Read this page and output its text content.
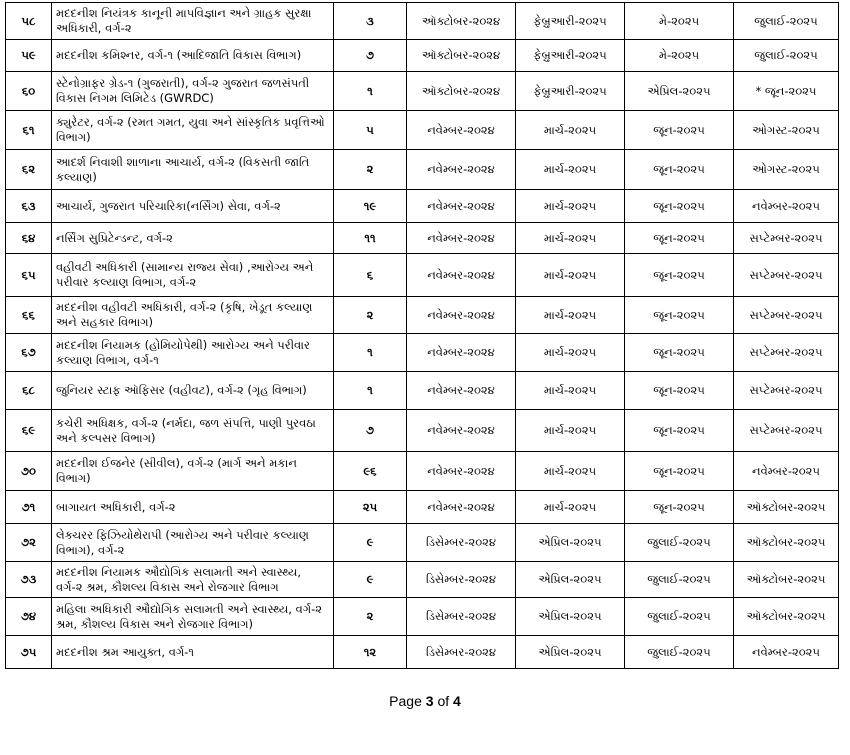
૫૮	મદદનીશ નિયંત્રક કાનૂની માપવિજ્ઞાન અને ગ્રાહક સુરક્ષા અધિકારી, વર્ગ-૨	૩	ઑક્ટોબર-૨૦૨૪	ફેબ્રુઆરી-૨૦૨૫	મે-૨૦૨૫	જુલાઈ-૨૦૨૫
૫૯	મદદનીશ કમિશ્નર, વર્ગ-૧ (આદિજાતિ વિકાસ વિભાગ)	૭	ઑક્ટોબર-૨૦૨૪	ફેબ્રુઆરી-૨૦૨૫	મે-૨૦૨૫	જુલાઈ-૨૦૨૫
૬૦	સ્ટેનોગ્રાફર ગ્રેડ-૧ (ગુજરાતી), વર્ગ-૨ ગુજરાત જળસંપતી વિકાસ નિગમ લિમિટેડ (GWRDC)	૧	ઑક્ટોબર-૨૦૨૪	ફેબ્રુઆરી-૨૦૨૫	એપ્રિલ-૨૦૨૫	* જૂન-૨૦૨૫
૬૧	ક્યુરેટર, વર્ગ-૨ (રમત ગમત, યુવા અને સાંસ્કૃતિક પ્રવૃત્તિઓ વિભાગ)	૫	નવેમ્બર-૨૦૨૪	માર્ચ-૨૦૨૫	જૂન-૨૦૨૫	ઓગસ્ટ-૨૦૨૫
૬૨	આદર્શ નિવાશી શાળાના આચાર્ય, વર્ગ-૨ (વિકસતી જાતિ કલ્યાણ)	૨	નવેમ્બર-૨૦૨૪	માર્ચ-૨૦૨૫	જૂન-૨૦૨૫	ઓગસ્ટ-૨૦૨૫
૬૩	આચાર્ય, ગુજરાત પરિચારિકા(નર્સિંગ) સેવા, વર્ગ-૨	૧૯	નવેમ્બર-૨૦૨૪	માર્ચ-૨૦૨૫	જૂન-૨૦૨૫	નવેમ્બર-૨૦૨૫
૬૪	નર્સિંગ સુપ્રિટેન્ડન્ટ, વર્ગ-૨	૧૧	નવેમ્બર-૨૦૨૪	માર્ચ-૨૦૨૫	જૂન-૨૦૨૫	સપ્ટેમ્બર-૨૦૨૫
૬૫	વહીવટી અધિકારી (સામાન્ય રાજ્ય સેવા) ,આરોગ્ય અને પરીવાર કલ્યાણ વિભાગ, વર્ગ-૨	૬	નવેમ્બર-૨૦૨૪	માર્ચ-૨૦૨૫	જૂન-૨૦૨૫	સપ્ટેમ્બર-૨૦૨૫
૬૬	મદદનીશ વહીવટી અધિકારી, વર્ગ-૨ (કૃષિ, ખેડૂત કલ્યાણ અને સહકાર વિભાગ)	૨	નવેમ્બર-૨૦૨૪	માર્ચ-૨૦૨૫	જૂન-૨૦૨૫	સપ્ટેમ્બર-૨૦૨૫
૬૭	મદદનીશ નિયામક (હોમિયોપેથી) આરોગ્ય અને પરીવાર કલ્યાણ વિભાગ, વર્ગ-૧	૧	નવેમ્બર-૨૦૨૪	માર્ચ-૨૦૨૫	જૂન-૨૦૨૫	સપ્ટેમ્બર-૨૦૨૫
૬૮	જુનિયર સ્ટાફ ઑફિસર (વહીવટ), વર્ગ-૨ (ગૃહ વિભાગ)	૧	નવેમ્બર-૨૦૨૪	માર્ચ-૨૦૨૫	જૂન-૨૦૨૫	સપ્ટેમ્બર-૨૦૨૫
૬૯	કચેરી અધિક્ષક, વર્ગ-૨ (નર્મદા, જળ સંપત્તિ, પાણી પુરવઠા અને કલ્પસર વિભાગ)	૭	નવેમ્બર-૨૦૨૪	માર્ચ-૨૦૨૫	જૂન-૨૦૨૫	સપ્ટેમ્બર-૨૦૨૫
૭૦	મદદનીશ ઈજનેર (સીવીલ), વર્ગ-૨ (માર્ગ અને મકાન વિભાગ)	૯૬	નવેમ્બર-૨૦૨૪	માર્ચ-૨૦૨૫	જૂન-૨૦૨૫	નવેમ્બર-૨૦૨૫
૭૧	બાગાયત અધિકારી, વર્ગ-૨	૨૫	નવેમ્બર-૨૦૨૪	માર્ચ-૨૦૨૫	જૂન-૨૦૨૫	ઑક્ટોબર-૨૦૨૫
૭૨	લેક્ચરર ફિઝિયોથેરાપી (આરોગ્ય અને પરીવાર કલ્યાણ વિભાગ), વર્ગ-૨	૯	ડિસેમ્બર-૨૦૨૪	એપ્રિલ-૨૦૨૫	જુલાઈ-૨૦૨૫	ઑક્ટોબર-૨૦૨૫
૭૩	મદદનીશ નિયામક ઔદ્યોગિક સલામતી અને સ્વાસ્થ્ય, વર્ગ-૨ શ્રમ, કૌશલ્ય વિકાસ અને રોજગાર વિભાગ	૯	ડિસેમ્બર-૨૦૨૪	એપ્રિલ-૨૦૨૫	જુલાઈ-૨૦૨૫	ઑક્ટોબર-૨૦૨૫
૭૪	મહિલા અધિકારી ઔદ્યોગિક સલામતી અને સ્વાસ્થ્ય, વર્ગ-૨ શ્રમ, કૌશલ્ય વિકાસ અને રોજગાર વિભાગ)	૨	ડિસેમ્બર-૨૦૨૪	એપ્રિલ-૨૦૨૫	જુલાઈ-૨૦૨૫	ઑક્ટોબર-૨૦૨૫
૭૫	મદદનીશ શ્રમ આયુક્ત, વર્ગ-૧	૧૨	ડિસેમ્બર-૨૦૨૪	એપ્રિલ-૨૦૨૫	જુલાઈ-૨૦૨૫	નવેમ્બર-૨૦૨૫
Page 3 of 4
